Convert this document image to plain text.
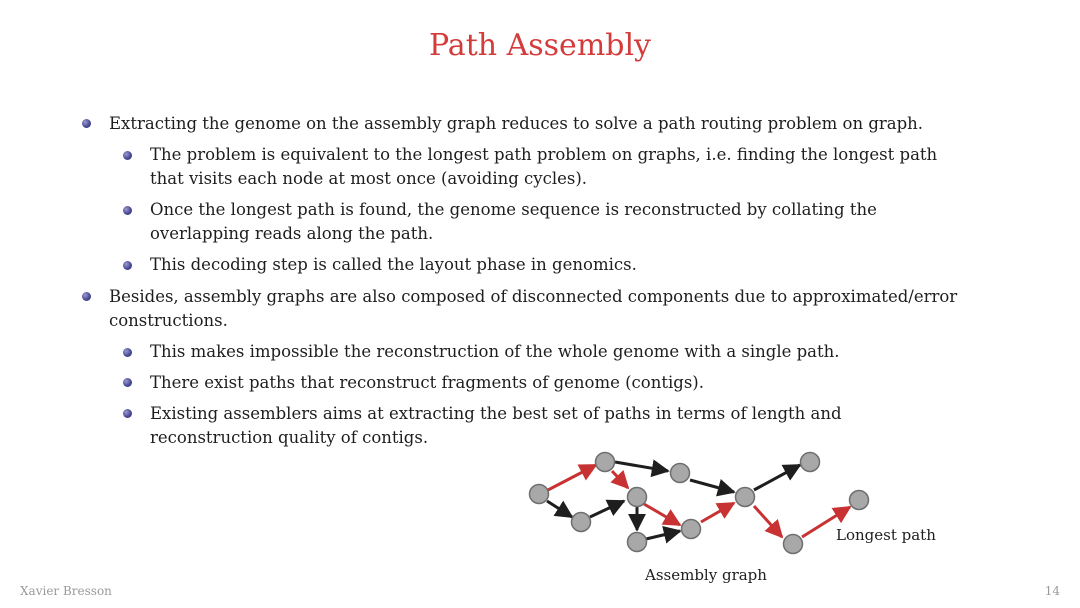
Path Assembly
Extracting the genome on the assembly graph reduces to solve a path routing problem on graph.
The problem is equivalent to the longest path problem on graphs, i.e. finding the longest path
that visits each node at most once (avoiding cycles).
Once the longest path is found, the genome sequence is reconstructed by collating the
overlapping reads along the path.
This decoding step is called the layout phase in genomics.
Besides, assembly graphs are also composed of disconnected components due to approximated/error
constructions.
This makes impossible the reconstruction of the whole genome with a single path.
There exist paths that reconstruct fragments of genome (contigs).
Existing assemblers aims at extracting the best set of paths in terms of length and
reconstruction quality of contigs.
Longest path
Assembly graph
Xavier Bresson	14
